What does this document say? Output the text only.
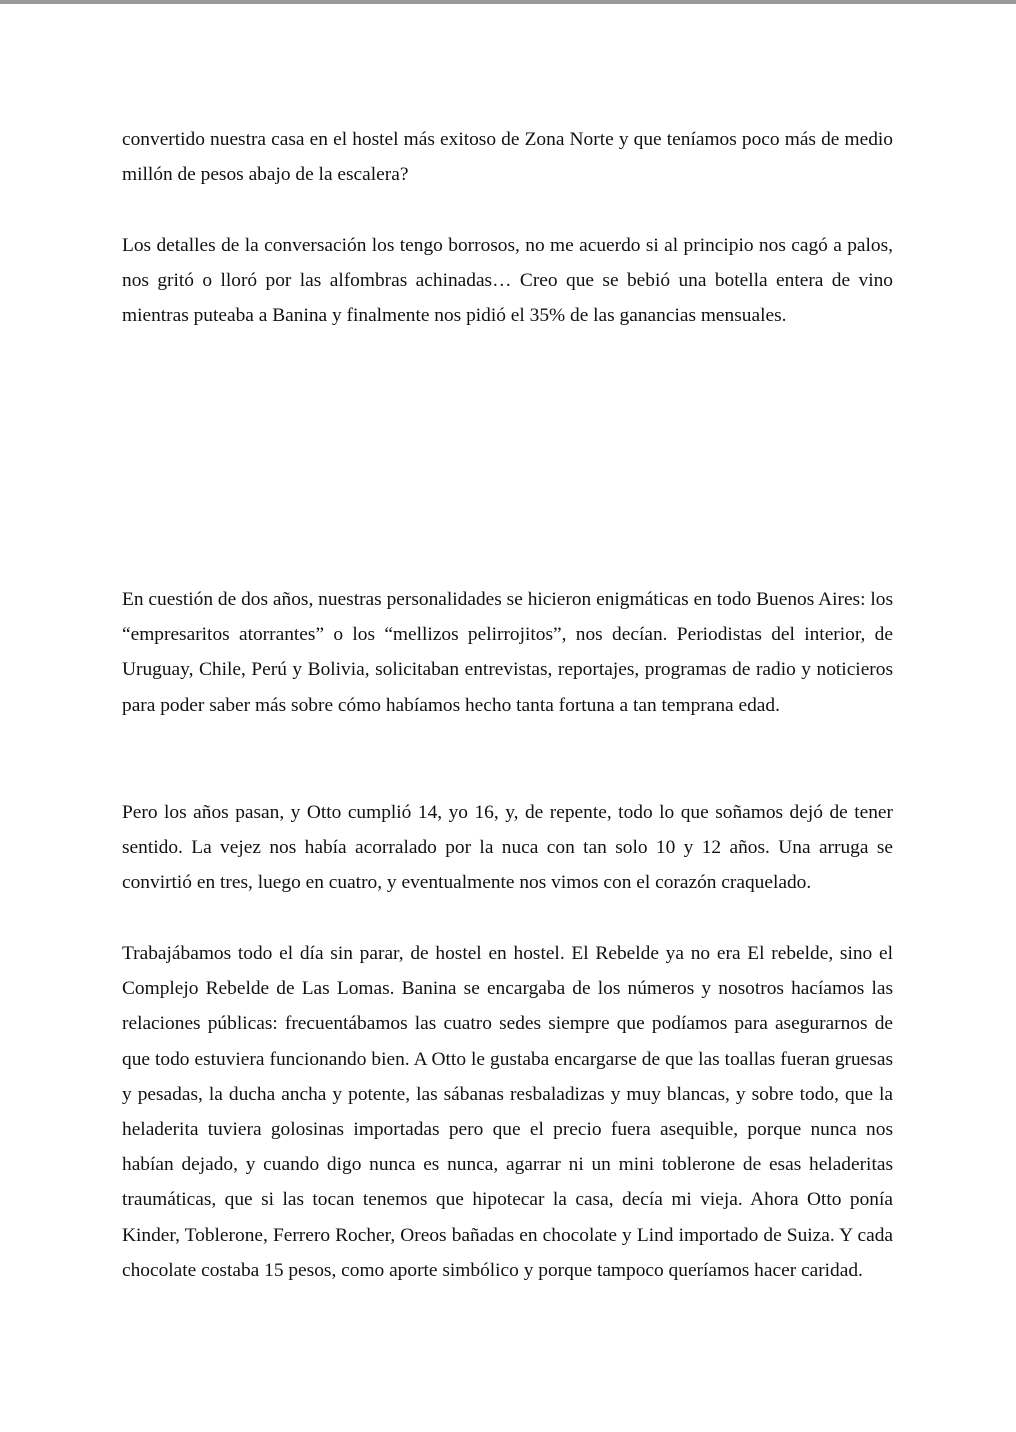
convertido nuestra casa en el hostel más exitoso de Zona Norte y que teníamos poco más de medio millón de pesos abajo de la escalera?

Los detalles de la conversación los tengo borrosos, no me acuerdo si al principio nos cagó a palos, nos gritó o lloró por las alfombras achinadas… Creo que se bebió una botella entera de vino mientras puteaba a Banina y finalmente nos pidió el 35% de las ganancias mensuales.

En cuestión de dos años, nuestras personalidades se hicieron enigmáticas en todo Buenos Aires: los “empresaritos atorrantes” o los “mellizos pelirrojitos”, nos decían. Periodistas del interior, de Uruguay, Chile, Perú y Bolivia, solicitaban entrevistas, reportajes, programas de radio y noticieros para poder saber más sobre cómo habíamos hecho tanta fortuna a tan temprana edad.

Pero los años pasan, y Otto cumplió 14, yo 16, y, de repente, todo lo que soñamos dejó de tener sentido. La vejez nos había acorralado por la nuca con tan solo 10 y 12 años. Una arruga se convirtió en tres, luego en cuatro, y eventualmente nos vimos con el corazón craquelado.

Trabajábamos todo el día sin parar, de hostel en hostel. El Rebelde ya no era El rebelde, sino el Complejo Rebelde de Las Lomas. Banina se encargaba de los números y nosotros hacíamos las relaciones públicas: frecuentábamos las cuatro sedes siempre que podíamos para asegurarnos de que todo estuviera funcionando bien. A Otto le gustaba encargarse de que las toallas fueran gruesas y pesadas, la ducha ancha y potente, las sábanas resbaladizas y muy blancas, y sobre todo, que la heladerita tuviera golosinas importadas pero que el precio fuera asequible, porque nunca nos habían dejado, y cuando digo nunca es nunca, agarrar ni un mini toblerone de esas heladeritas traumáticas, que si las tocan tenemos que hipotecar la casa, decía mi vieja. Ahora Otto ponía Kinder, Toblerone, Ferrero Rocher, Oreos bañadas en chocolate y Lind importado de Suiza. Y cada chocolate costaba 15 pesos, como aporte simbólico y porque tampoco queríamos hacer caridad.
